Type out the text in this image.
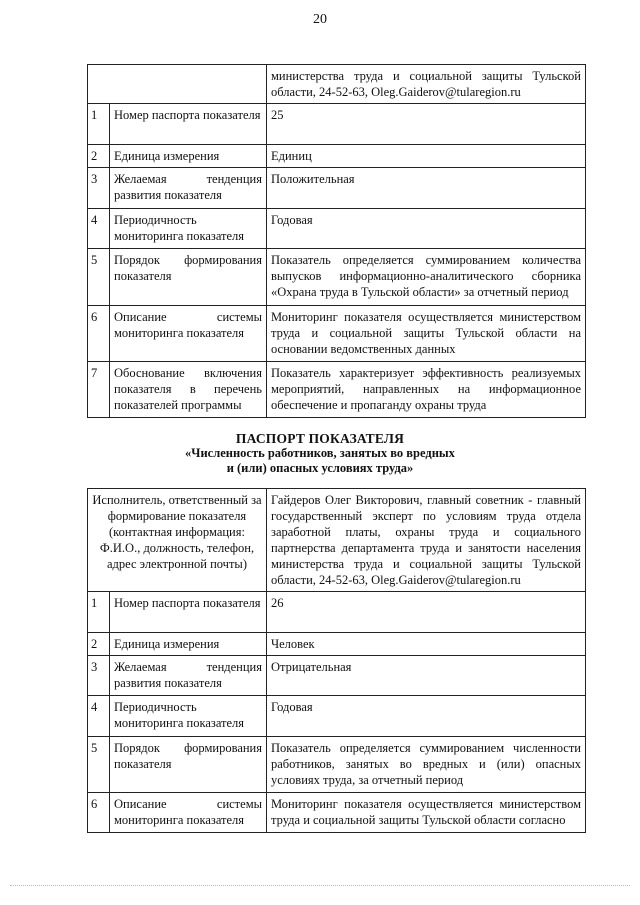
20
		министерства труда и социальной защиты Тульской области, 24-52-63, Oleg.Gaiderov@tularegion.ru
1	Номер паспорта показателя	25
2	Единица измерения	Единиц
3	Желаемая тенденция развития показателя	Положительная
4	Периодичность мониторинга показателя	Годовая
5	Порядок формирования показателя	Показатель определяется суммированием количества выпусков информационно-аналитического сборника «Охрана труда в Тульской области» за отчетный период
6	Описание системы мониторинга показателя	Мониторинг показателя осуществляется министерством труда и социальной защиты Тульской области на основании ведомственных данных
7	Обоснование включения показателя в перечень показателей программы	Показатель характеризует эффективность реализуемых мероприятий, направленных на информационное обеспечение и пропаганду охраны труда
ПАСПОРТ ПОКАЗАТЕЛЯ
«Численность работников, занятых во вредных
и (или) опасных условиях труда»
Исполнитель, ответственный за формирование показателя (контактная информация: Ф.И.О., должность, телефон, адрес электронной почты)		Гайдеров Олег Викторович, главный советник - главный государственный эксперт по условиям труда отдела заработной платы, охраны труда и социального партнерства департамента труда и занятости населения министерства труда и социальной защиты Тульской области, 24-52-63, Oleg.Gaiderov@tularegion.ru
1	Номер паспорта показателя	26
2	Единица измерения	Человек
3	Желаемая тенденция развития показателя	Отрицательная
4	Периодичность мониторинга показателя	Годовая
5	Порядок формирования показателя	Показатель определяется суммированием численности работников, занятых во вредных и (или) опасных условиях труда, за отчетный период
6	Описание системы мониторинга показателя	Мониторинг показателя осуществляется министерством труда и социальной защиты Тульской области согласно
